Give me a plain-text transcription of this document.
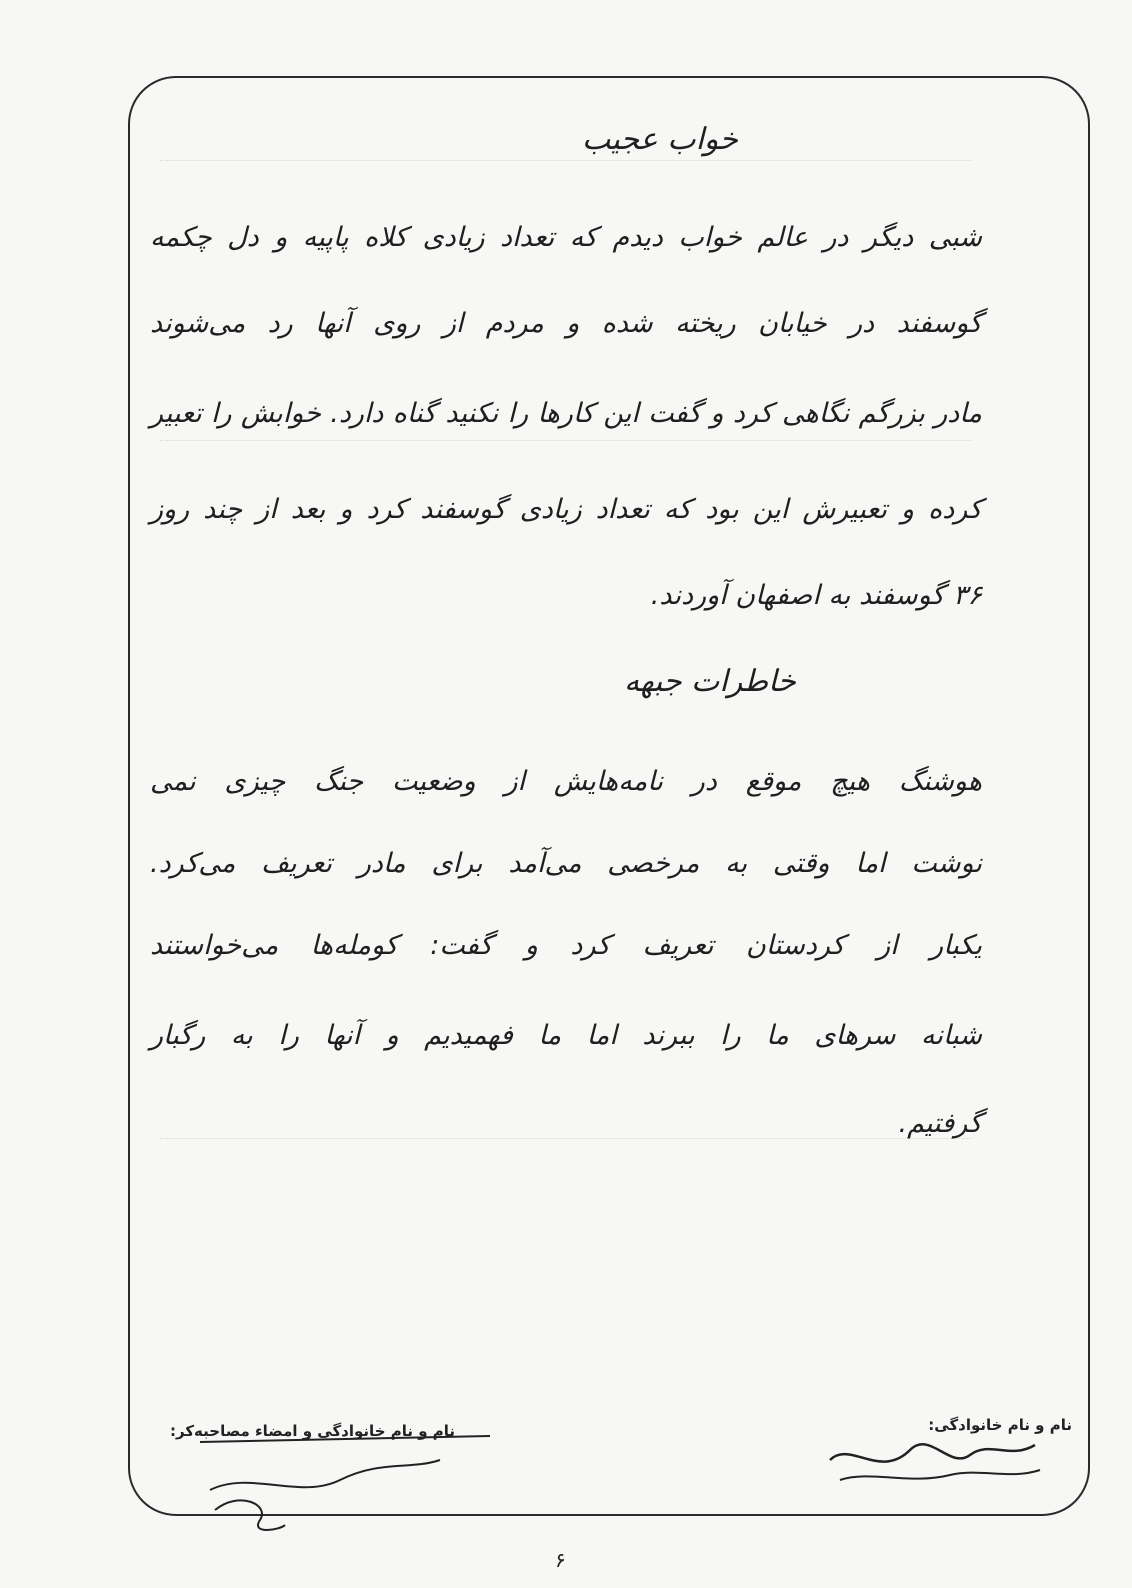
خواب عجیب
شبی دیگر در عالم خواب دیدم که تعداد زیادی کلاه پاپیه و دل چکمه
گوسفند در خیابان ریخته شده و مردم از روی آنها رد می‌شوند
مادر بزرگم نگاهی کرد و گفت این کارها را نکنید گناه دارد. خوابش را تعبیر
کرده و تعبیرش این بود که تعداد زیادی گوسفند کرد و بعد از چند روز
۳۶ گوسفند به اصفهان آوردند.
خاطرات جبهه
هوشنگ هیچ موقع در نامه‌هایش از وضعیت جنگ چیزی نمی
نوشت اما وقتی به مرخصی می‌آمد برای مادر تعریف می‌کرد.
یکبار از کردستان تعریف کرد و گفت: کومله‌ها می‌خواستند
شبانه سرهای ما را ببرند اما ما فهمیدیم و آنها را به رگبار
گرفتیم.
نام و نام خانوادگی و امضاء مصاحبه‌کر:	نام و نام خانوادگی:
۶
